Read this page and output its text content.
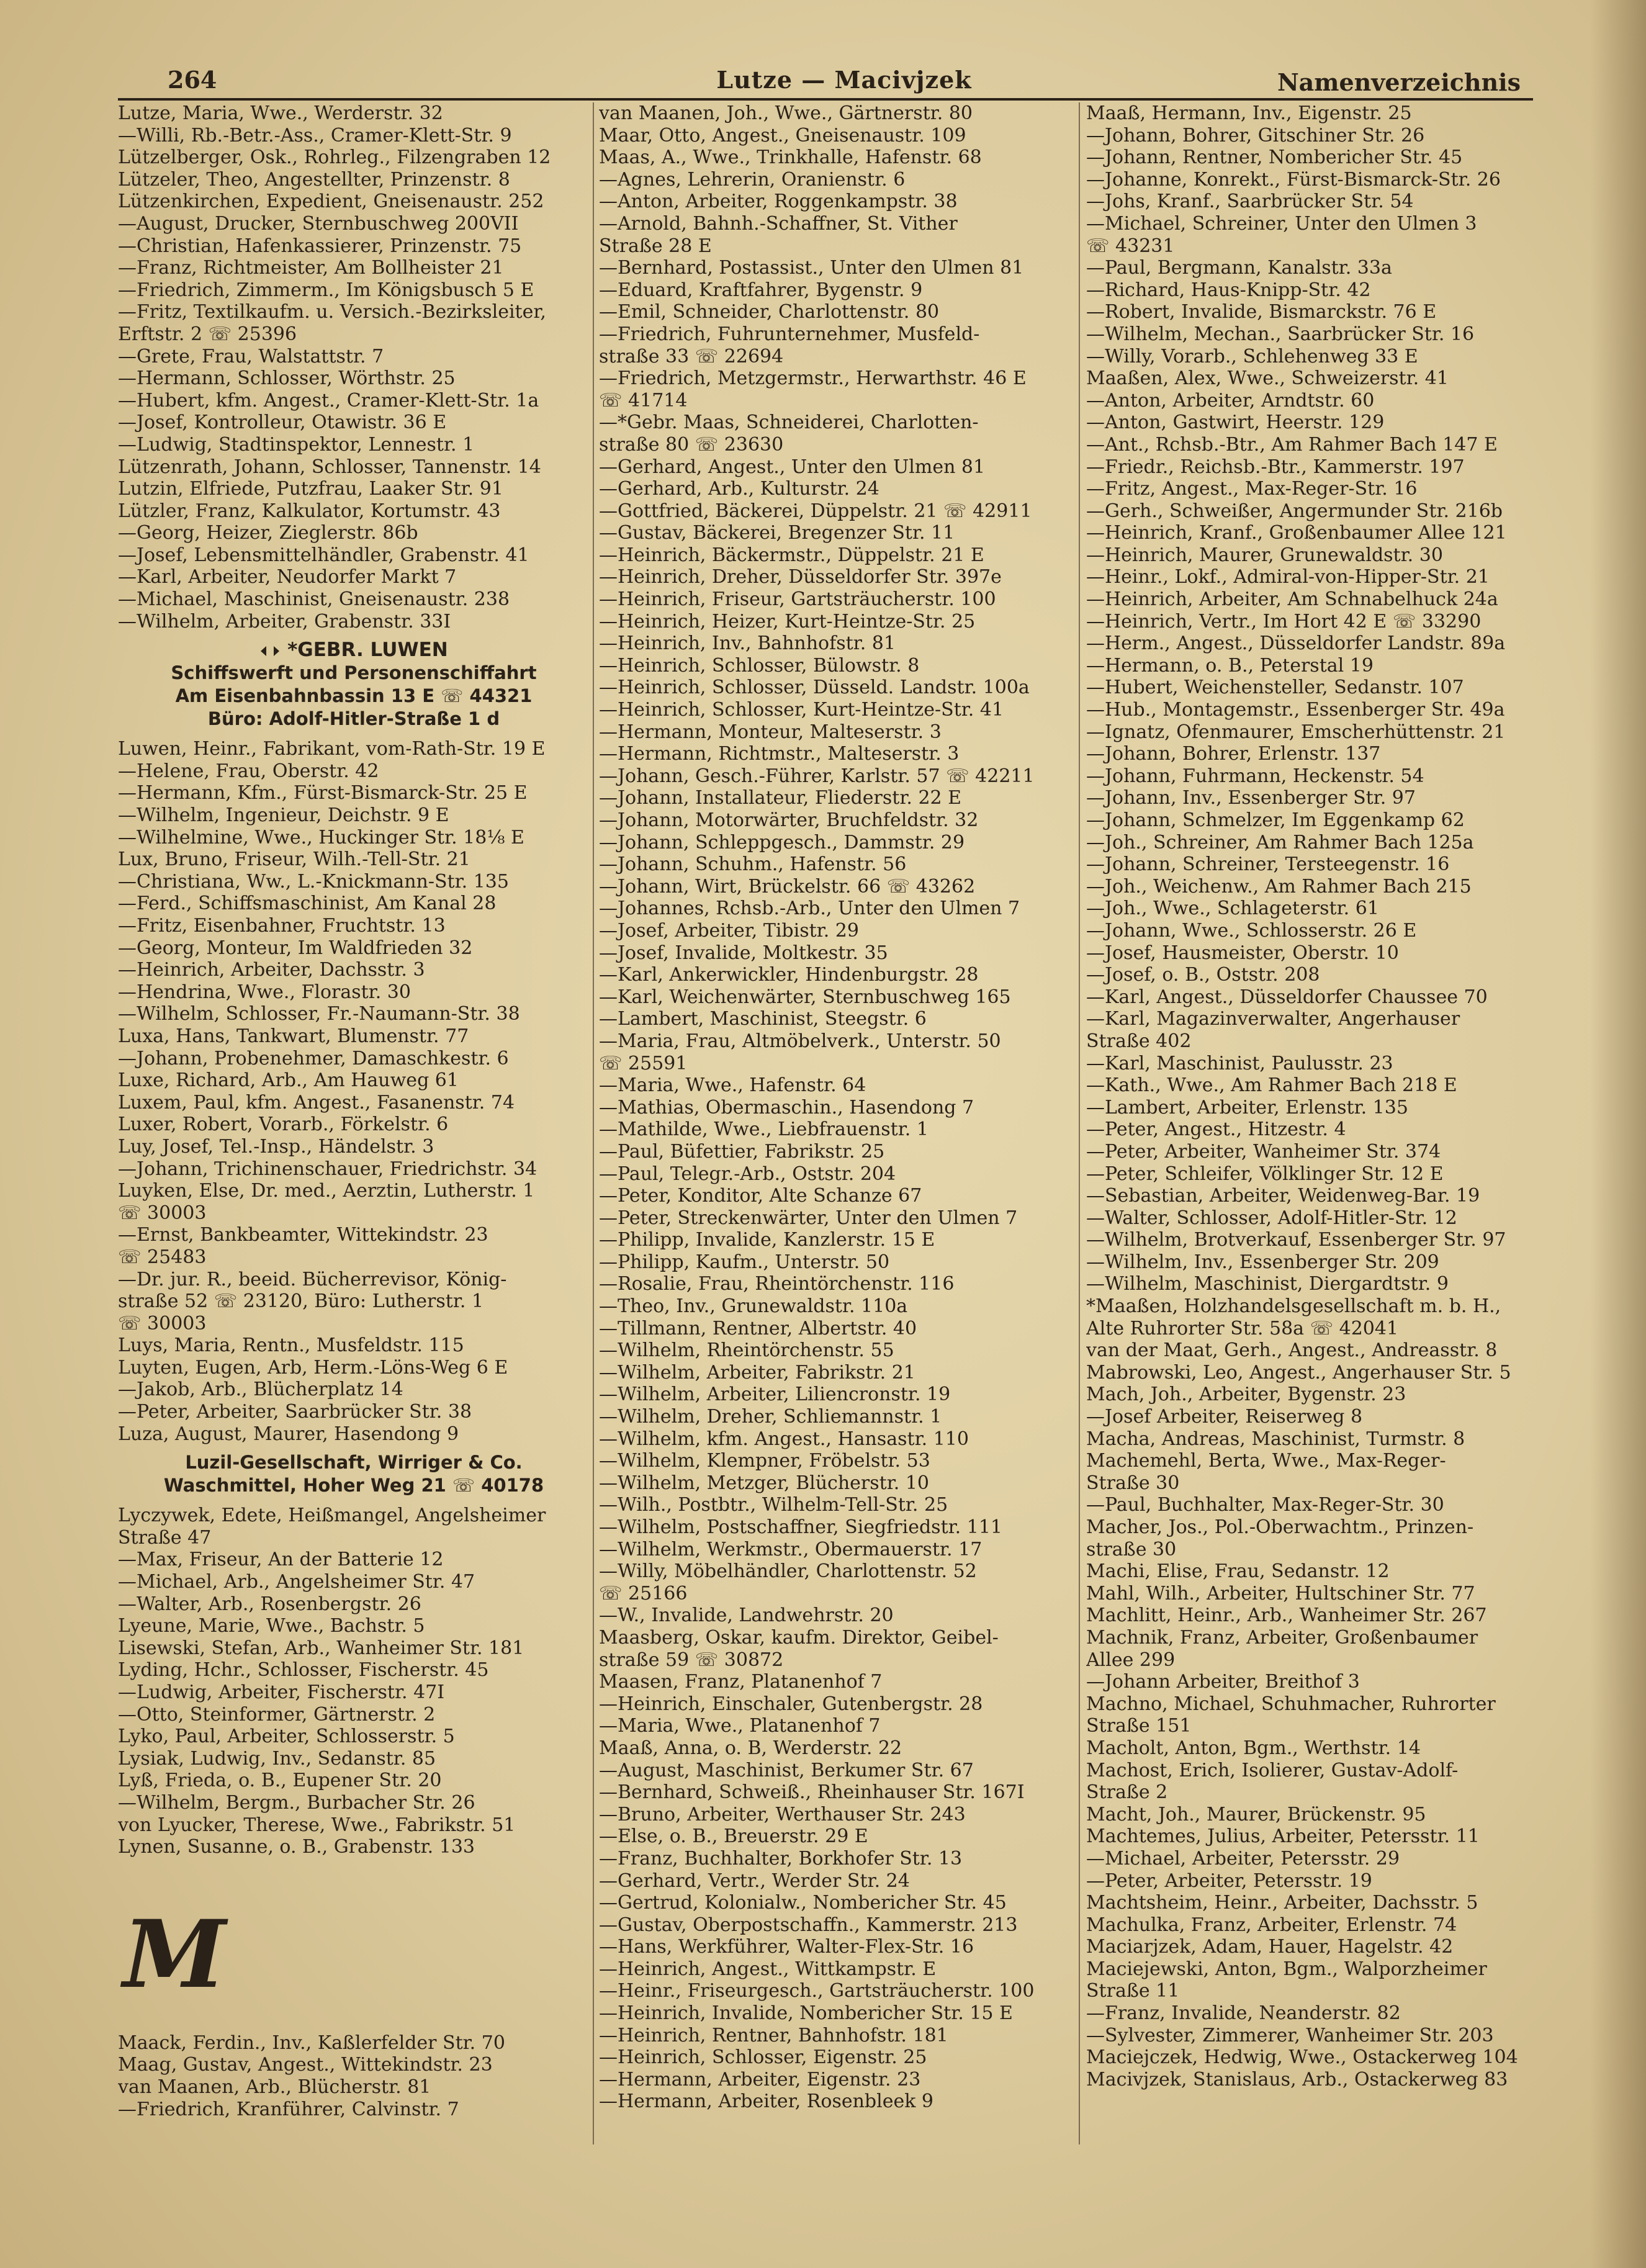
264	Lutze — Macivjzek	Namenverzeichnis
Lutze, Maria, Wwe., Werderstr. 32
—Willi, Rb.-Betr.-Ass., Cramer-Klett-Str. 9
Lützelberger, Osk., Rohrleg., Filzengraben 12
Lützeler, Theo, Angestellter, Prinzenstr. 8
Lützenkirchen, Expedient, Gneisenaustr. 252
—August, Drucker, Sternbuschweg 200VII
—Christian, Hafenkassierer, Prinzenstr. 75
—Franz, Richtmeister, Am Bollheister 21
—Friedrich, Zimmerm., Im Königsbusch 5 E
—Fritz, Textilkaufm. u. Versich.-Bezirksleiter,
Erftstr. 2 ☏ 25396
—Grete, Frau, Walstattstr. 7
—Hermann, Schlosser, Wörthstr. 25
—Hubert, kfm. Angest., Cramer-Klett-Str. 1a
—Josef, Kontrolleur, Otawistr. 36 E
—Ludwig, Stadtinspektor, Lennestr. 1
Lützenrath, Johann, Schlosser, Tannenstr. 14
Lutzin, Elfriede, Putzfrau, Laaker Str. 91
Lützler, Franz, Kalkulator, Kortumstr. 43
—Georg, Heizer, Zieglerstr. 86b
—Josef, Lebensmittelhändler, Grabenstr. 41
—Karl, Arbeiter, Neudorfer Markt 7
—Michael, Maschinist, Gneisenaustr. 238
—Wilhelm, Arbeiter, Grabenstr. 33I
*GEBR. LUWEN
Schiffswerft und Personenschiffahrt
Am Eisenbahnbassin 13 E ☏ 44321
Büro: Adolf-Hitler-Straße 1 d
Luwen, Heinr., Fabrikant, vom-Rath-Str. 19 E
—Helene, Frau, Oberstr. 42
—Hermann, Kfm., Fürst-Bismarck-Str. 25 E
—Wilhelm, Ingenieur, Deichstr. 9 E
—Wilhelmine, Wwe., Huckinger Str. 18⅛ E
Lux, Bruno, Friseur, Wilh.-Tell-Str. 21
—Christiana, Ww., L.-Knickmann-Str. 135
—Ferd., Schiffsmaschinist, Am Kanal 28
—Fritz, Eisenbahner, Fruchtstr. 13
—Georg, Monteur, Im Waldfrieden 32
—Heinrich, Arbeiter, Dachsstr. 3
—Hendrina, Wwe., Florastr. 30
—Wilhelm, Schlosser, Fr.-Naumann-Str. 38
Luxa, Hans, Tankwart, Blumenstr. 77
—Johann, Probenehmer, Damaschkestr. 6
Luxe, Richard, Arb., Am Hauweg 61
Luxem, Paul, kfm. Angest., Fasanenstr. 74
Luxer, Robert, Vorarb., Förkelstr. 6
Luy, Josef, Tel.-Insp., Händelstr. 3
—Johann, Trichinenschauer, Friedrichstr. 34
Luyken, Else, Dr. med., Aerztin, Lutherstr. 1
☏ 30003
—Ernst, Bankbeamter, Wittekindstr. 23
☏ 25483
—Dr. jur. R., beeid. Bücherrevisor, König-
straße 52 ☏ 23120, Büro: Lutherstr. 1
☏ 30003
Luys, Maria, Rentn., Musfeldstr. 115
Luyten, Eugen, Arb, Herm.-Löns-Weg 6 E
—Jakob, Arb., Blücherplatz 14
—Peter, Arbeiter, Saarbrücker Str. 38
Luza, August, Maurer, Hasendong 9
Luzil-Gesellschaft, Wirriger & Co.
Waschmittel, Hoher Weg 21 ☏ 40178
Lyczywek, Edete, Heißmangel, Angelsheimer
Straße 47
—Max, Friseur, An der Batterie 12
—Michael, Arb., Angelsheimer Str. 47
—Walter, Arb., Rosenbergstr. 26
Lyeune, Marie, Wwe., Bachstr. 5
Lisewski, Stefan, Arb., Wanheimer Str. 181
Lyding, Hchr., Schlosser, Fischerstr. 45
—Ludwig, Arbeiter, Fischerstr. 47I
—Otto, Steinformer, Gärtnerstr. 2
Lyko, Paul, Arbeiter, Schlosserstr. 5
Lysiak, Ludwig, Inv., Sedanstr. 85
Lyß, Frieda, o. B., Eupener Str. 20
—Wilhelm, Bergm., Burbacher Str. 26
von Lyucker, Therese, Wwe., Fabrikstr. 51
Lynen, Susanne, o. B., Grabenstr. 133
M
Maack, Ferdin., Inv., Kaßlerfelder Str. 70
Maag, Gustav, Angest., Wittekindstr. 23
van Maanen, Arb., Blücherstr. 81
—Friedrich, Kranführer, Calvinstr. 7
van Maanen, Joh., Wwe., Gärtnerstr. 80
Maar, Otto, Angest., Gneisenaustr. 109
Maas, A., Wwe., Trinkhalle, Hafenstr. 68
—Agnes, Lehrerin, Oranienstr. 6
—Anton, Arbeiter, Roggenkampstr. 38
—Arnold, Bahnh.-Schaffner, St. Vither
Straße 28 E
—Bernhard, Postassist., Unter den Ulmen 81
—Eduard, Kraftfahrer, Bygenstr. 9
—Emil, Schneider, Charlottenstr. 80
—Friedrich, Fuhrunternehmer, Musfeld-
straße 33 ☏ 22694
—Friedrich, Metzgermstr., Herwarthstr. 46 E
☏ 41714
—*Gebr. Maas, Schneiderei, Charlotten-
straße 80 ☏ 23630
—Gerhard, Angest., Unter den Ulmen 81
—Gerhard, Arb., Kulturstr. 24
—Gottfried, Bäckerei, Düppelstr. 21 ☏ 42911
—Gustav, Bäckerei, Bregenzer Str. 11
—Heinrich, Bäckermstr., Düppelstr. 21 E
—Heinrich, Dreher, Düsseldorfer Str. 397e
—Heinrich, Friseur, Gartsträucherstr. 100
—Heinrich, Heizer, Kurt-Heintze-Str. 25
—Heinrich, Inv., Bahnhofstr. 81
—Heinrich, Schlosser, Bülowstr. 8
—Heinrich, Schlosser, Düsseld. Landstr. 100a
—Heinrich, Schlosser, Kurt-Heintze-Str. 41
—Hermann, Monteur, Malteserstr. 3
—Hermann, Richtmstr., Malteserstr. 3
—Johann, Gesch.-Führer, Karlstr. 57 ☏ 42211
—Johann, Installateur, Fliederstr. 22 E
—Johann, Motorwärter, Bruchfeldstr. 32
—Johann, Schleppgesch., Dammstr. 29
—Johann, Schuhm., Hafenstr. 56
—Johann, Wirt, Brückelstr. 66 ☏ 43262
—Johannes, Rchsb.-Arb., Unter den Ulmen 7
—Josef, Arbeiter, Tibistr. 29
—Josef, Invalide, Moltkestr. 35
—Karl, Ankerwickler, Hindenburgstr. 28
—Karl, Weichenwärter, Sternbuschweg 165
—Lambert, Maschinist, Steegstr. 6
—Maria, Frau, Altmöbelverk., Unterstr. 50
☏ 25591
—Maria, Wwe., Hafenstr. 64
—Mathias, Obermaschin., Hasendong 7
—Mathilde, Wwe., Liebfrauenstr. 1
—Paul, Büfettier, Fabrikstr. 25
—Paul, Telegr.-Arb., Oststr. 204
—Peter, Konditor, Alte Schanze 67
—Peter, Streckenwärter, Unter den Ulmen 7
—Philipp, Invalide, Kanzlerstr. 15 E
—Philipp, Kaufm., Unterstr. 50
—Rosalie, Frau, Rheintörchenstr. 116
—Theo, Inv., Grunewaldstr. 110a
—Tillmann, Rentner, Albertstr. 40
—Wilhelm, Rheintörchenstr. 55
—Wilhelm, Arbeiter, Fabrikstr. 21
—Wilhelm, Arbeiter, Liliencronstr. 19
—Wilhelm, Dreher, Schliemannstr. 1
—Wilhelm, kfm. Angest., Hansastr. 110
—Wilhelm, Klempner, Fröbelstr. 53
—Wilhelm, Metzger, Blücherstr. 10
—Wilh., Postbtr., Wilhelm-Tell-Str. 25
—Wilhelm, Postschaffner, Siegfriedstr. 111
—Wilhelm, Werkmstr., Obermauerstr. 17
—Willy, Möbelhändler, Charlottenstr. 52
☏ 25166
—W., Invalide, Landwehrstr. 20
Maasberg, Oskar, kaufm. Direktor, Geibel-
straße 59 ☏ 30872
Maasen, Franz, Platanenhof 7
—Heinrich, Einschaler, Gutenbergstr. 28
—Maria, Wwe., Platanenhof 7
Maaß, Anna, o. B, Werderstr. 22
—August, Maschinist, Berkumer Str. 67
—Bernhard, Schweiß., Rheinhauser Str. 167I
—Bruno, Arbeiter, Werthauser Str. 243
—Else, o. B., Breuerstr. 29 E
—Franz, Buchhalter, Borkhofer Str. 13
—Gerhard, Vertr., Werder Str. 24
—Gertrud, Kolonialw., Nombericher Str. 45
—Gustav, Oberpostschaffn., Kammerstr. 213
—Hans, Werkführer, Walter-Flex-Str. 16
—Heinrich, Angest., Wittkampstr. E
—Heinr., Friseurgesch., Gartsträucherstr. 100
—Heinrich, Invalide, Nombericher Str. 15 E
—Heinrich, Rentner, Bahnhofstr. 181
—Heinrich, Schlosser, Eigenstr. 25
—Hermann, Arbeiter, Eigenstr. 23
—Hermann, Arbeiter, Rosenbleek 9
Maaß, Hermann, Inv., Eigenstr. 25
—Johann, Bohrer, Gitschiner Str. 26
—Johann, Rentner, Nombericher Str. 45
—Johanne, Konrekt., Fürst-Bismarck-Str. 26
—Johs, Kranf., Saarbrücker Str. 54
—Michael, Schreiner, Unter den Ulmen 3
☏ 43231
—Paul, Bergmann, Kanalstr. 33a
—Richard, Haus-Knipp-Str. 42
—Robert, Invalide, Bismarckstr. 76 E
—Wilhelm, Mechan., Saarbrücker Str. 16
—Willy, Vorarb., Schlehenweg 33 E
Maaßen, Alex, Wwe., Schweizerstr. 41
—Anton, Arbeiter, Arndtstr. 60
—Anton, Gastwirt, Heerstr. 129
—Ant., Rchsb.-Btr., Am Rahmer Bach 147 E
—Friedr., Reichsb.-Btr., Kammerstr. 197
—Fritz, Angest., Max-Reger-Str. 16
—Gerh., Schweißer, Angermunder Str. 216b
—Heinrich, Kranf., Großenbaumer Allee 121
—Heinrich, Maurer, Grunewaldstr. 30
—Heinr., Lokf., Admiral-von-Hipper-Str. 21
—Heinrich, Arbeiter, Am Schnabelhuck 24a
—Heinrich, Vertr., Im Hort 42 E ☏ 33290
—Herm., Angest., Düsseldorfer Landstr. 89a
—Hermann, o. B., Peterstal 19
—Hubert, Weichensteller, Sedanstr. 107
—Hub., Montagemstr., Essenberger Str. 49a
—Ignatz, Ofenmaurer, Emscherhüttenstr. 21
—Johann, Bohrer, Erlenstr. 137
—Johann, Fuhrmann, Heckenstr. 54
—Johann, Inv., Essenberger Str. 97
—Johann, Schmelzer, Im Eggenkamp 62
—Joh., Schreiner, Am Rahmer Bach 125a
—Johann, Schreiner, Tersteegenstr. 16
—Joh., Weichenw., Am Rahmer Bach 215
—Joh., Wwe., Schlageterstr. 61
—Johann, Wwe., Schlosserstr. 26 E
—Josef, Hausmeister, Oberstr. 10
—Josef, o. B., Oststr. 208
—Karl, Angest., Düsseldorfer Chaussee 70
—Karl, Magazinverwalter, Angerhauser
Straße 402
—Karl, Maschinist, Paulusstr. 23
—Kath., Wwe., Am Rahmer Bach 218 E
—Lambert, Arbeiter, Erlenstr. 135
—Peter, Angest., Hitzestr. 4
—Peter, Arbeiter, Wanheimer Str. 374
—Peter, Schleifer, Völklinger Str. 12 E
—Sebastian, Arbeiter, Weidenweg-Bar. 19
—Walter, Schlosser, Adolf-Hitler-Str. 12
—Wilhelm, Brotverkauf, Essenberger Str. 97
—Wilhelm, Inv., Essenberger Str. 209
—Wilhelm, Maschinist, Diergardtstr. 9
*Maaßen, Holzhandelsgesellschaft m. b. H.,
Alte Ruhrorter Str. 58a ☏ 42041
van der Maat, Gerh., Angest., Andreasstr. 8
Mabrowski, Leo, Angest., Angerhauser Str. 5
Mach, Joh., Arbeiter, Bygenstr. 23
—Josef Arbeiter, Reiserweg 8
Macha, Andreas, Maschinist, Turmstr. 8
Machemehl, Berta, Wwe., Max-Reger-
Straße 30
—Paul, Buchhalter, Max-Reger-Str. 30
Macher, Jos., Pol.-Oberwachtm., Prinzen-
straße 30
Machi, Elise, Frau, Sedanstr. 12
Mahl, Wilh., Arbeiter, Hultschiner Str. 77
Machlitt, Heinr., Arb., Wanheimer Str. 267
Machnik, Franz, Arbeiter, Großenbaumer
Allee 299
—Johann Arbeiter, Breithof 3
Machno, Michael, Schuhmacher, Ruhrorter
Straße 151
Macholt, Anton, Bgm., Werthstr. 14
Machost, Erich, Isolierer, Gustav-Adolf-
Straße 2
Macht, Joh., Maurer, Brückenstr. 95
Machtemes, Julius, Arbeiter, Petersstr. 11
—Michael, Arbeiter, Petersstr. 29
—Peter, Arbeiter, Petersstr. 19
Machtsheim, Heinr., Arbeiter, Dachsstr. 5
Machulka, Franz, Arbeiter, Erlenstr. 74
Maciarjzek, Adam, Hauer, Hagelstr. 42
Maciejewski, Anton, Bgm., Walporzheimer
Straße 11
—Franz, Invalide, Neanderstr. 82
—Sylvester, Zimmerer, Wanheimer Str. 203
Maciejczek, Hedwig, Wwe., Ostackerweg 104
Macivjzek, Stanislaus, Arb., Ostackerweg 83
